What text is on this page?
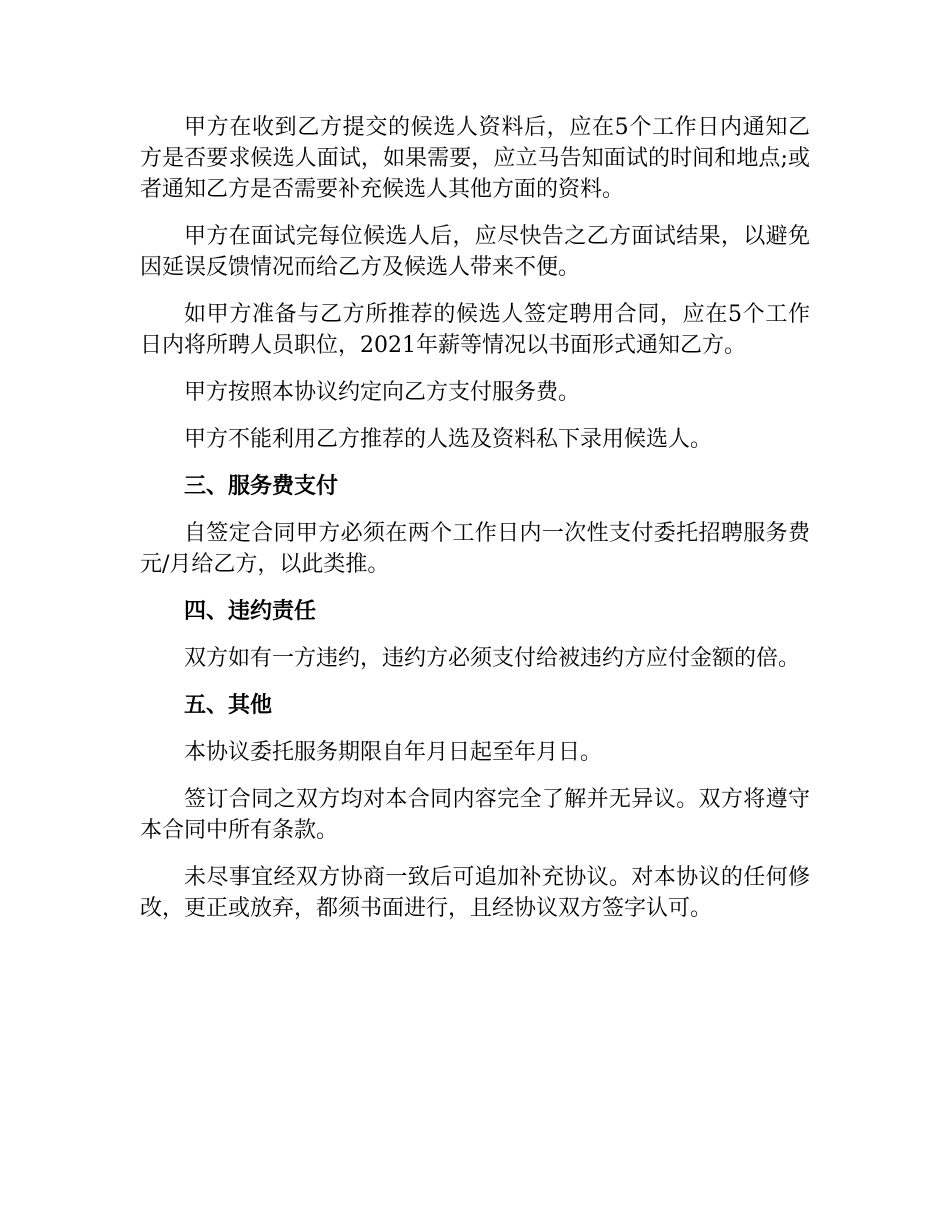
甲方在收到乙方提交的候选人资料后，应在5个工作日内通知乙方是否要求候选人面试，如果需要，应立马告知面试的时间和地点;或者通知乙方是否需要补充候选人其他方面的资料。

甲方在面试完每位候选人后，应尽快告之乙方面试结果，以避免因延误反馈情况而给乙方及候选人带来不便。

如甲方准备与乙方所推荐的候选人签定聘用合同，应在5个工作日内将所聘人员职位，2021年薪等情况以书面形式通知乙方。

甲方按照本协议约定向乙方支付服务费。

甲方不能利用乙方推荐的人选及资料私下录用候选人。

三、服务费支付

自签定合同甲方必须在两个工作日内一次性支付委托招聘服务费元/月给乙方，以此类推。

四、违约责任

双方如有一方违约，违约方必须支付给被违约方应付金额的倍。

五、其他

本协议委托服务期限自年月日起至年月日。

签订合同之双方均对本合同内容完全了解并无异议。双方将遵守本合同中所有条款。

未尽事宜经双方协商一致后可追加补充协议。对本协议的任何修改，更正或放弃，都须书面进行，且经协议双方签字认可。
